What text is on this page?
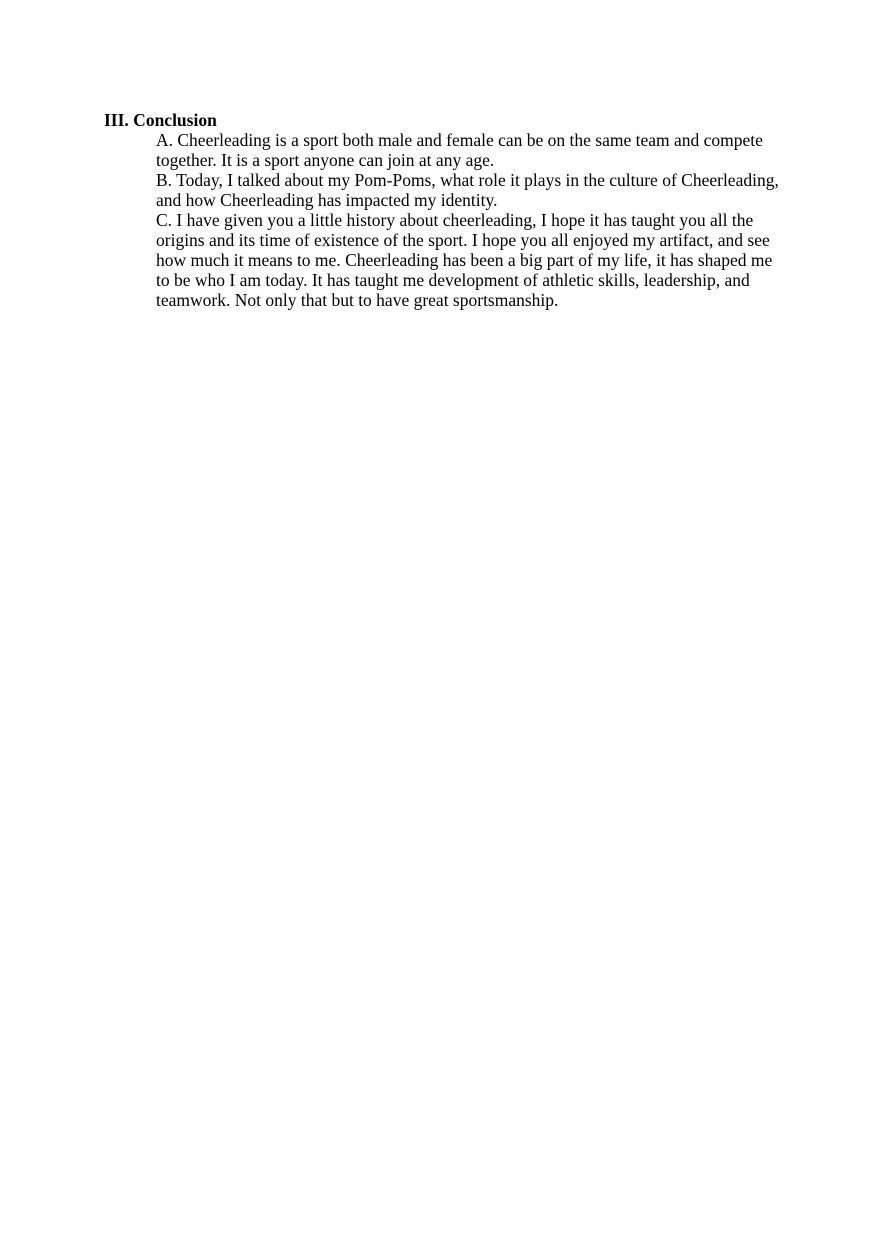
III. Conclusion
A. Cheerleading is a sport both male and female can be on the same team and compete
together. It is a sport anyone can join at any age.
B. Today, I talked about my Pom-Poms, what role it plays in the culture of Cheerleading,
and how Cheerleading has impacted my identity.
C. I have given you a little history about cheerleading, I hope it has taught you all the
origins and its time of existence of the sport. I hope you all enjoyed my artifact, and see
how much it means to me. Cheerleading has been a big part of my life, it has shaped me
to be who I am today. It has taught me development of athletic skills, leadership, and
teamwork. Not only that but to have great sportsmanship.
